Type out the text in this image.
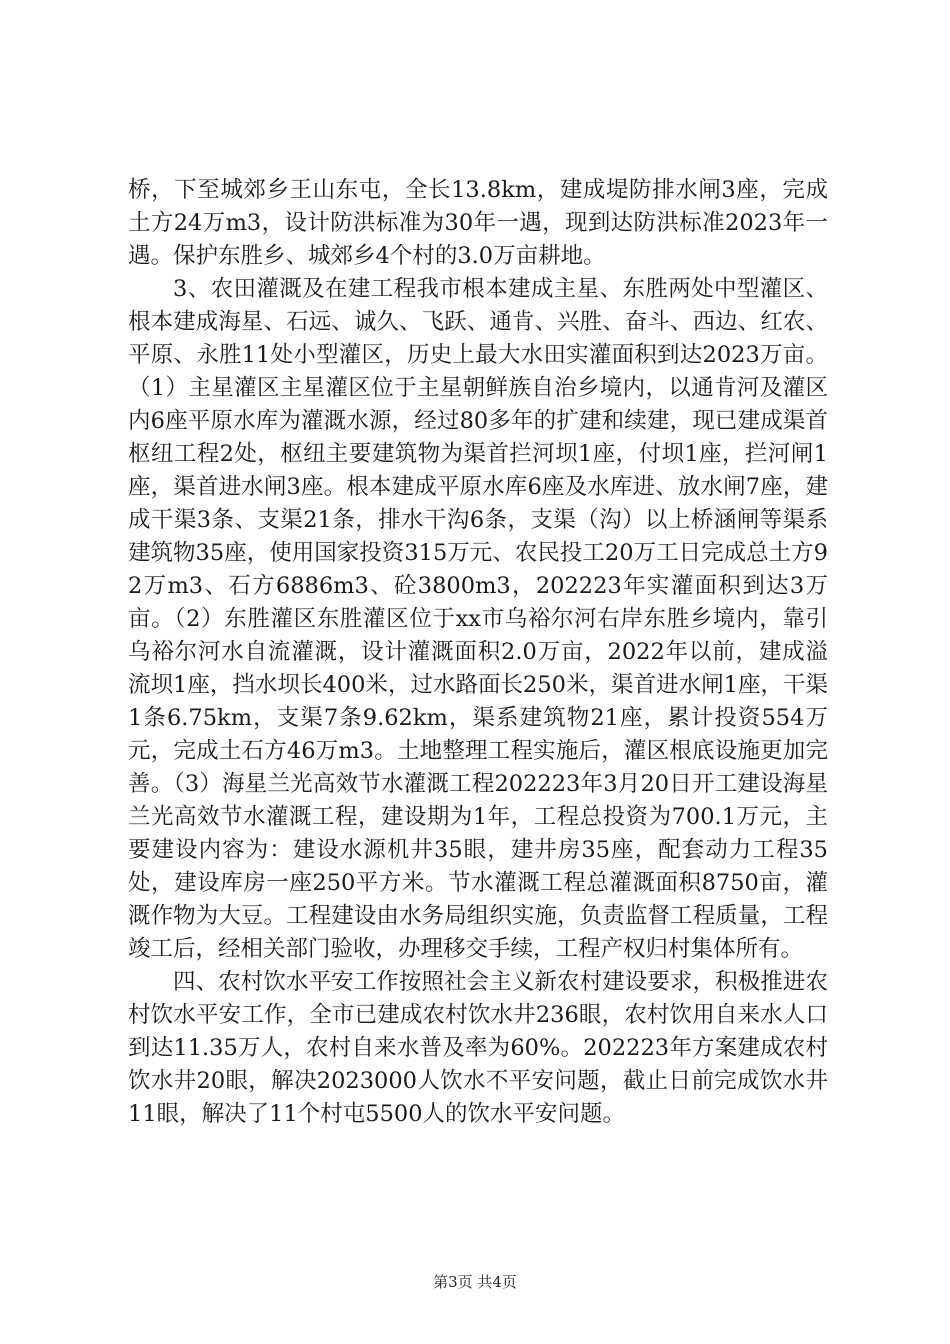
桥，下至城郊乡王山东屯，全长13.8km，建成堤防排水闸3座，完成土方24万m3，设计防洪标准为30年一遇，现到达防洪标准2023年一遇。保护东胜乡、城郊乡4个村的3.0万亩耕地。

3、农田灌溉及在建工程我市根本建成主星、东胜两处中型灌区、根本建成海星、石远、诚久、飞跃、通肯、兴胜、奋斗、西边、红农、平原、永胜11处小型灌区，历史上最大水田实灌面积到达2023万亩。（1）主星灌区主星灌区位于主星朝鲜族自治乡境内，以通肯河及灌区内6座平原水库为灌溉水源，经过80多年的扩建和续建，现已建成渠首枢纽工程2处，枢纽主要建筑物为渠首拦河坝1座，付坝1座，拦河闸1座，渠首进水闸3座。根本建成平原水库6座及水库进、放水闸7座，建成干渠3条、支渠21条，排水干沟6条，支渠（沟）以上桥涵闸等渠系建筑物35座，使用国家投资315万元、农民投工20万工日完成总土方92万m3、石方6886m3、砼3800m3，202223年实灌面积到达3万亩。（2）东胜灌区东胜灌区位于xx市乌裕尔河右岸东胜乡境内，靠引乌裕尔河水自流灌溉，设计灌溉面积2.0万亩，2022年以前，建成溢流坝1座，挡水坝长400米，过水路面长250米，渠首进水闸1座，干渠1条6.75km，支渠7条9.62km，渠系建筑物21座，累计投资554万元，完成土石方46万m3。土地整理工程实施后，灌区根底设施更加完善。（3）海星兰光高效节水灌溉工程202223年3月20日开工建设海星兰光高效节水灌溉工程，建设期为1年，工程总投资为700.1万元，主要建设内容为：建设水源机井35眼，建井房35座，配套动力工程35处，建设库房一座250平方米。节水灌溉工程总灌溉面积8750亩，灌溉作物为大豆。工程建设由水务局组织实施，负责监督工程质量，工程竣工后，经相关部门验收，办理移交手续，工程产权归村集体所有。

四、农村饮水平安工作按照社会主义新农村建设要求，积极推进农村饮水平安工作，全市已建成农村饮水井236眼，农村饮用自来水人口到达11.35万人，农村自来水普及率为60%。202223年方案建成农村饮水井20眼，解决2023000人饮水不平安问题，截止日前完成饮水井11眼，解决了11个村屯5500人的饮水平安问题。

第3页 共4页
